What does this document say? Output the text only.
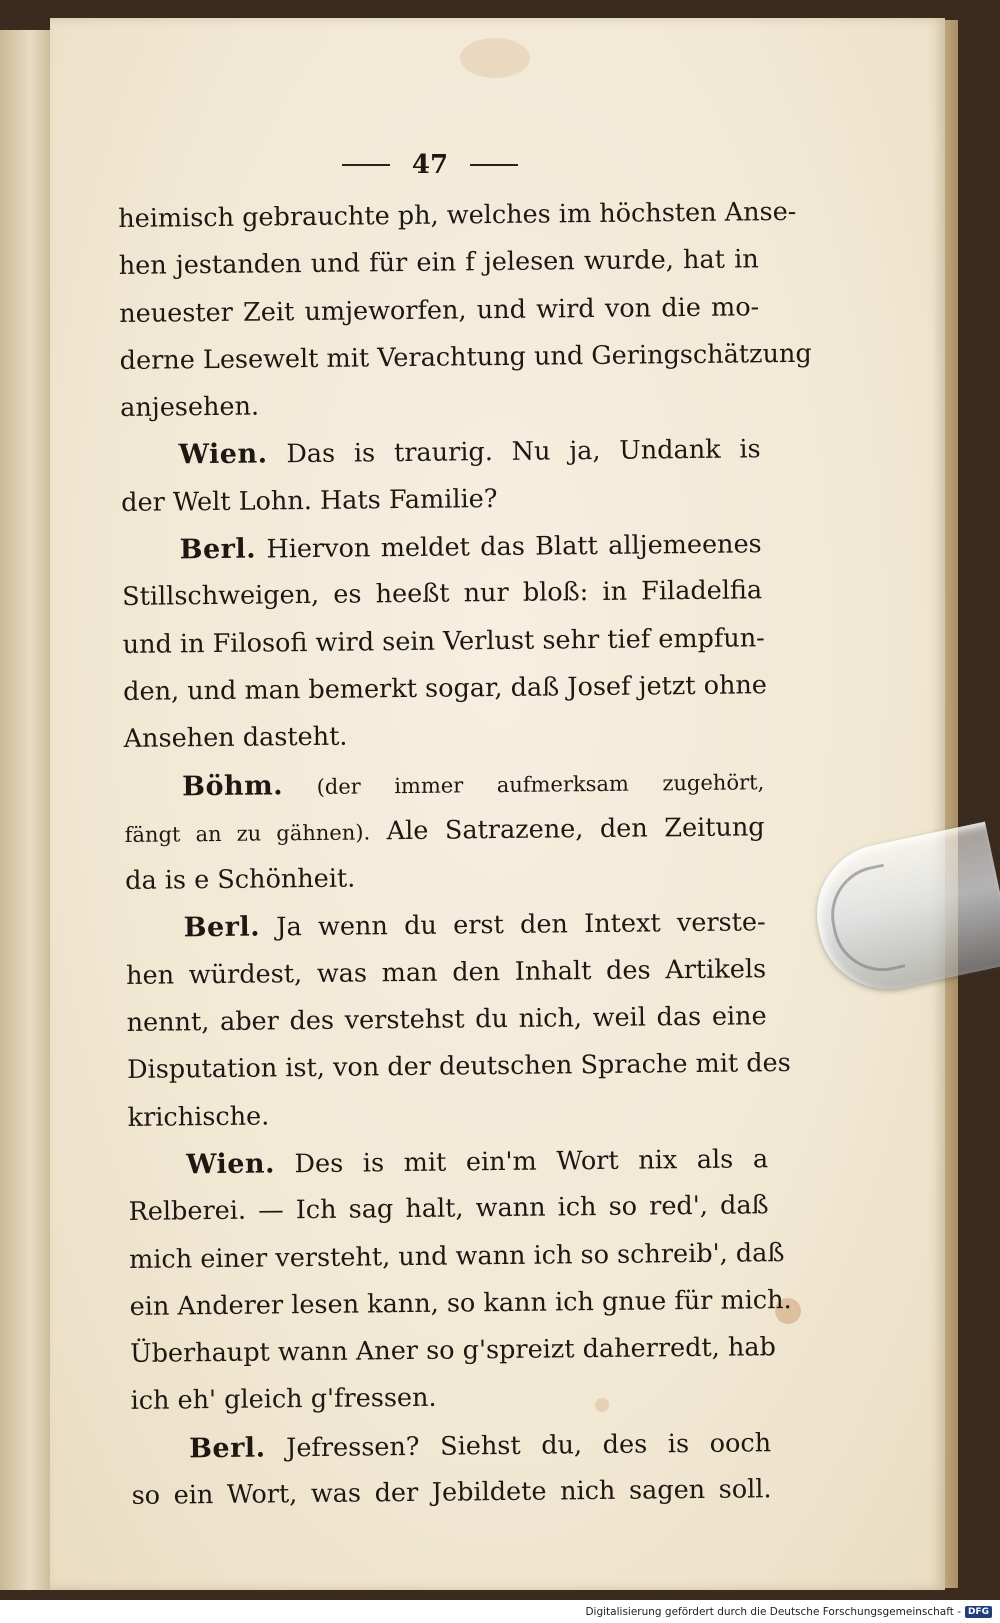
47
heimisch gebrauchte ph, welches im höchsten Anse-
hen jestanden und für ein f jelesen wurde, hat in
neuester Zeit umjeworfen, und wird von die mo-
derne Lesewelt mit Verachtung und Geringschätzung
anjesehen.
Wien. Das is traurig. Nu ja, Undank is
der Welt Lohn. Hats Familie?
Berl. Hiervon meldet das Blatt alljemeenes
Stillschweigen, es heeßt nur bloß: in Filadelfia
und in Filosofi wird sein Verlust sehr tief empfun-
den, und man bemerkt sogar, daß Josef jetzt ohne
Ansehen dasteht.
Böhm. (der immer aufmerksam zugehört,
fängt an zu gähnen). Ale Satrazene, den Zeitung
da is e Schönheit.
Berl. Ja wenn du erst den Intext verste-
hen würdest, was man den Inhalt des Artikels
nennt, aber des verstehst du nich, weil das eine
Disputation ist, von der deutschen Sprache mit des
krichische.
Wien. Des is mit ein'm Wort nix als a
Relberei. — Ich sag halt, wann ich so red', daß
mich einer versteht, und wann ich so schreib', daß
ein Anderer lesen kann, so kann ich gnue für mich.
Überhaupt wann Aner so g'spreizt daherredt, hab
ich eh' gleich g'fressen.
Berl. Jefressen? Siehst du, des is ooch
so ein Wort, was der Jebildete nich sagen soll.
Digitalisierung gefördert durch die Deutsche Forschungsgemeinschaft - DFG
